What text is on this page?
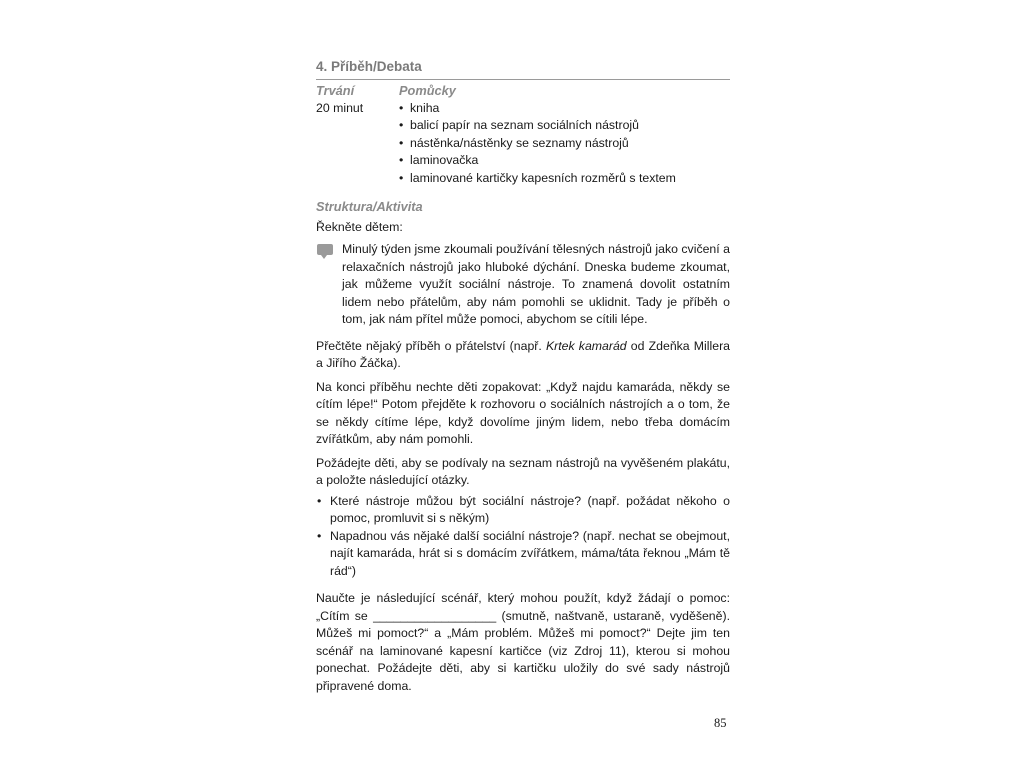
4. Příběh/Debata
Trvání	Pomůcky
20 minut
•	kniha
• balicí papír na seznam sociálních nástrojů
• nástěnka/nástěnky se seznamy nástrojů
• laminovačka
• laminované kartičky kapesních rozměrů s textem
Struktura/Aktivita

Řekněte dětem:

Minulý týden jsme zkoumali používání tělesných nástrojů jako cvičení a relaxačních nástrojů jako hluboké dýchání. Dneska budeme zkoumat, jak můžeme využít sociální nástroje. To znamená dovolit ostatním lidem nebo přátelům, aby nám pomohli se uklidnit. Tady je příběh o tom, jak nám přítel může pomoci, abychom se cítili lépe.

Přečtěte nějaký příběh o přátelství (např. Krtek kamarád od Zdeňka Millera a Jiřího Žáčka).

Na konci příběhu nechte děti zopakovat: „Když najdu kamaráda, někdy se cítím lépe!“ Potom přejděte k rozhovoru o sociálních nástrojích a o tom, že se někdy cítíme lépe, když dovolíme jiným lidem, nebo třeba domácím zvířátkům, aby nám pomohli.

Požádejte děti, aby se podívaly na seznam nástrojů na vyvěšeném plakátu, a položte následující otázky.

• Které nástroje můžou být sociální nástroje? (např. požádat někoho o pomoc, promluvit si s někým)
• Napadnou vás nějaké další sociální nástroje? (např. nechat se obejmout, najít kamaráda, hrát si s domácím zvířátkem, máma/táta řeknou „Mám tě rád“)

Naučte je následující scénář, který mohou použít, když žádají o pomoc: „Cítím se __________________ (smutně, naštvaně, ustaraně, vyděšeně). Můžeš mi pomoct?“ a „Mám problém. Můžeš mi pomoct?“ Dejte jim ten scénář na laminované kapesní kartičce (viz Zdroj 11), kterou si mohou ponechat. Požádejte děti, aby si kartičku uložily do své sady nástrojů připravené doma.

85
